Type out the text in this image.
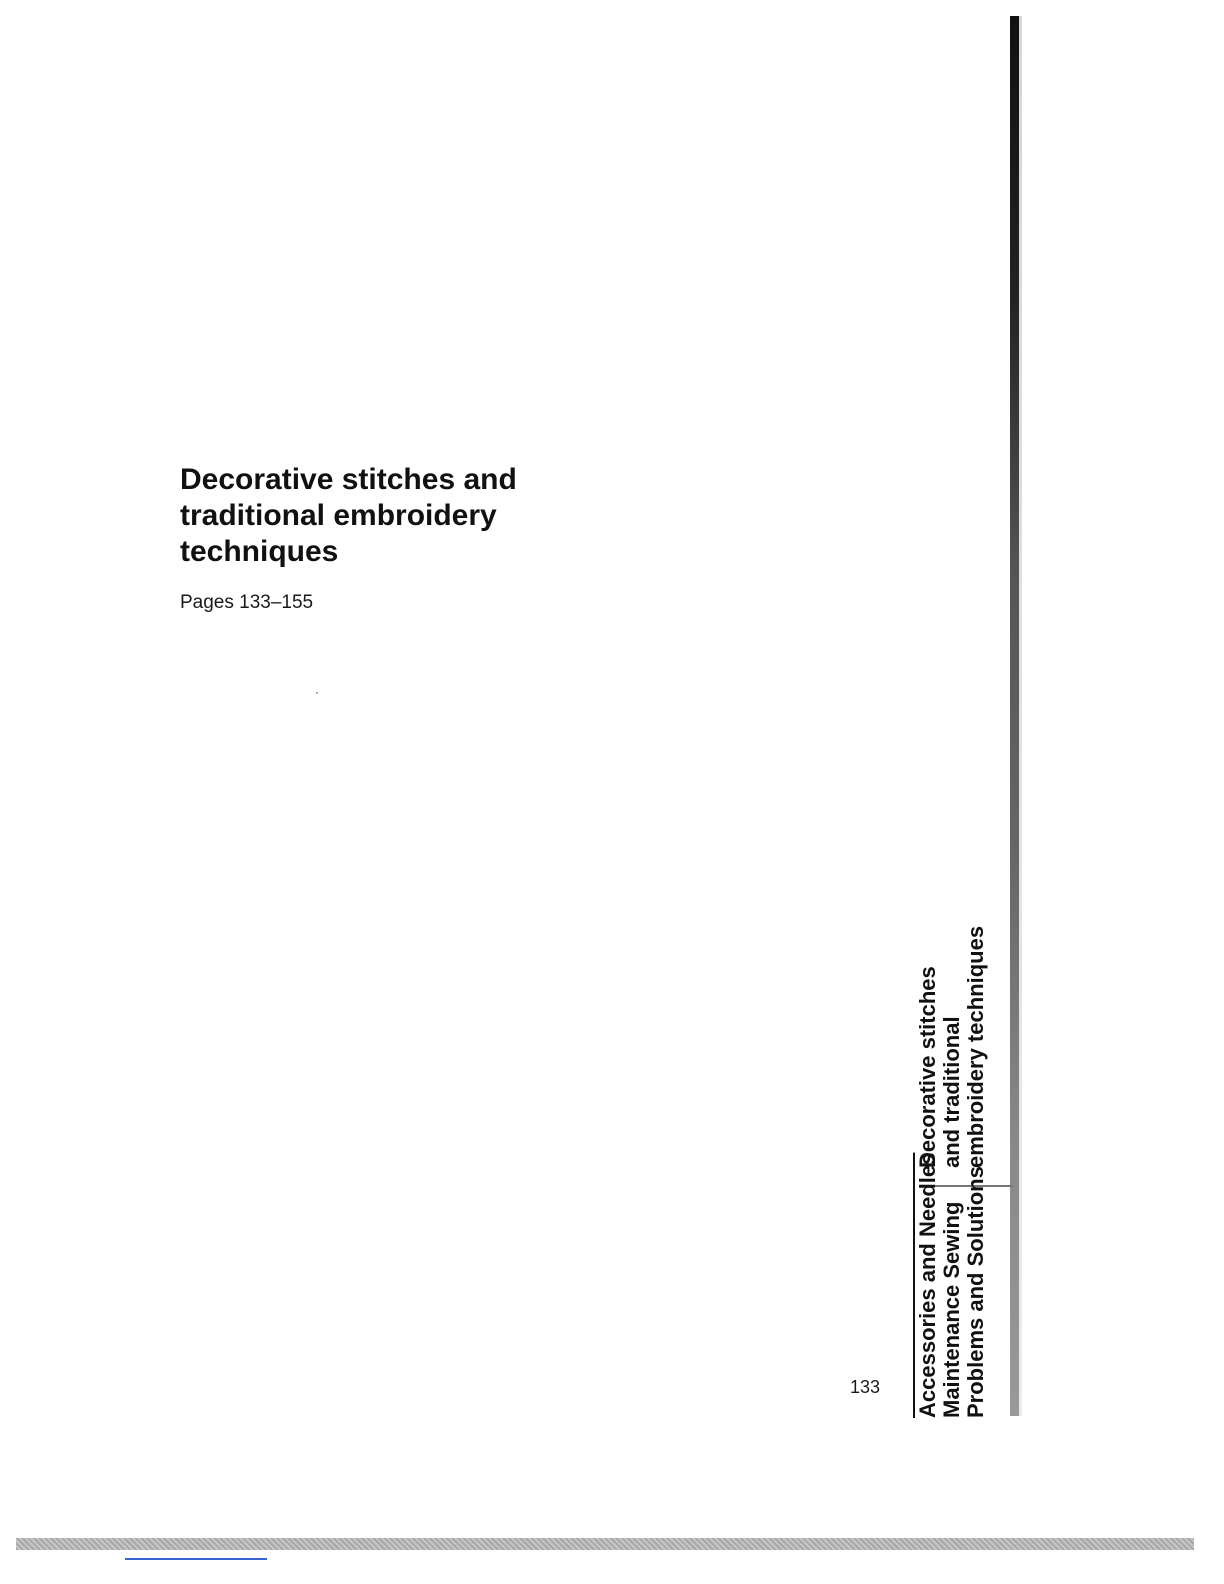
Decorative stitches and
traditional embroidery
techniques
Pages 133–155
133
Decorative stitches and traditional embroidery techniques
Accessories and Needles Maintenance Sewing Problems and Solutions
